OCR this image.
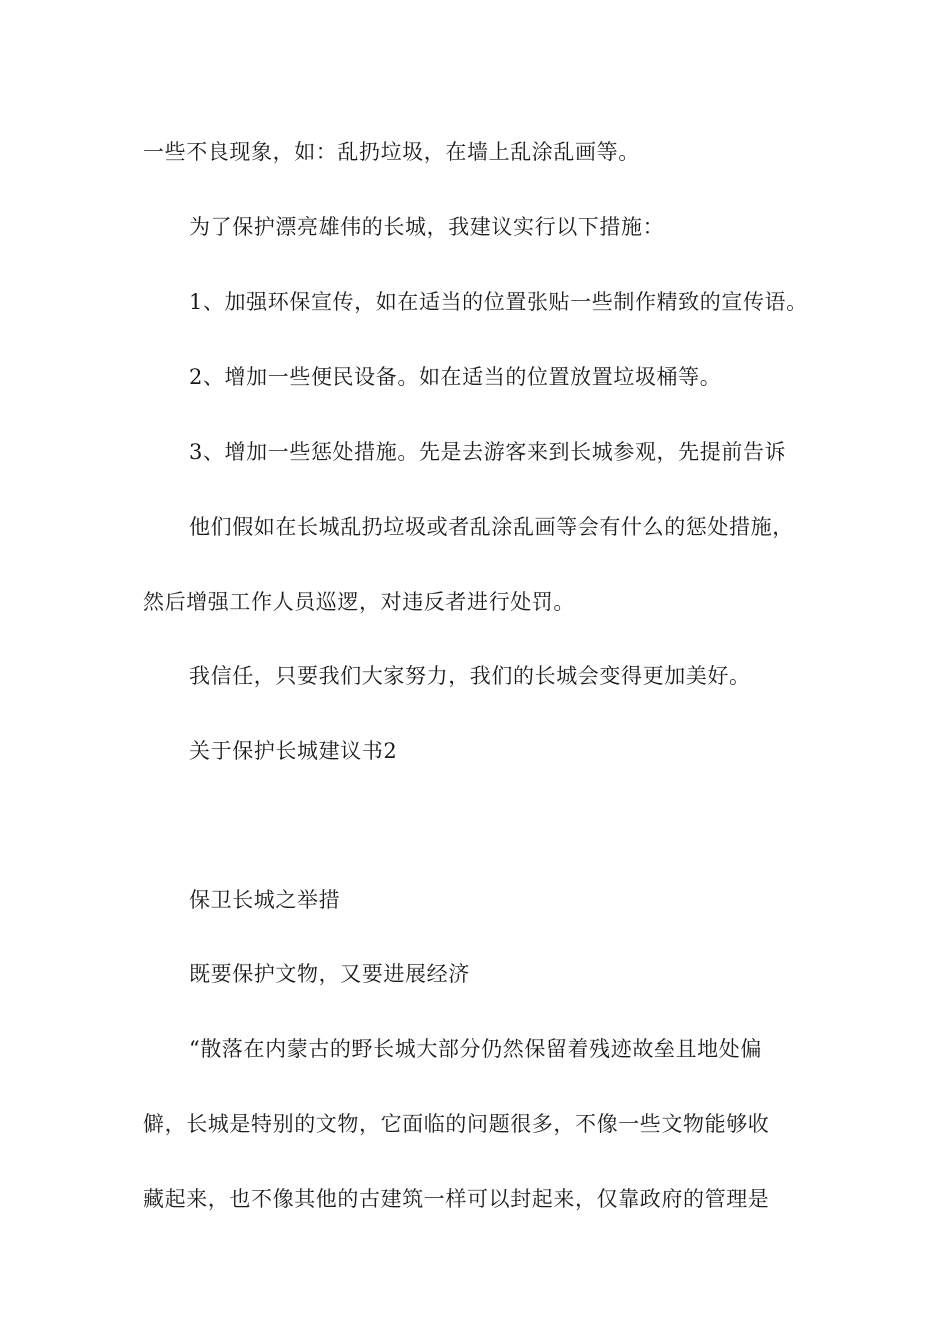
一些不良现象，如：乱扔垃圾，在墙上乱涂乱画等。
为了保护漂亮雄伟的长城，我建议实行以下措施：
1、加强环保宣传，如在适当的位置张贴一些制作精致的宣传语。
2、增加一些便民设备。如在适当的位置放置垃圾桶等。
3、增加一些惩处措施。先是去游客来到长城参观，先提前告诉
他们假如在长城乱扔垃圾或者乱涂乱画等会有什么的惩处措施，
然后增强工作人员巡逻，对违反者进行处罚。
我信任，只要我们大家努力，我们的长城会变得更加美好。
关于保护长城建议书2
保卫长城之举措
既要保护文物，又要进展经济
“散落在内蒙古的野长城大部分仍然保留着残迹故垒且地处偏
僻，长城是特别的文物，它面临的问题很多，不像一些文物能够收
藏起来，也不像其他的古建筑一样可以封起来，仅靠政府的管理是
